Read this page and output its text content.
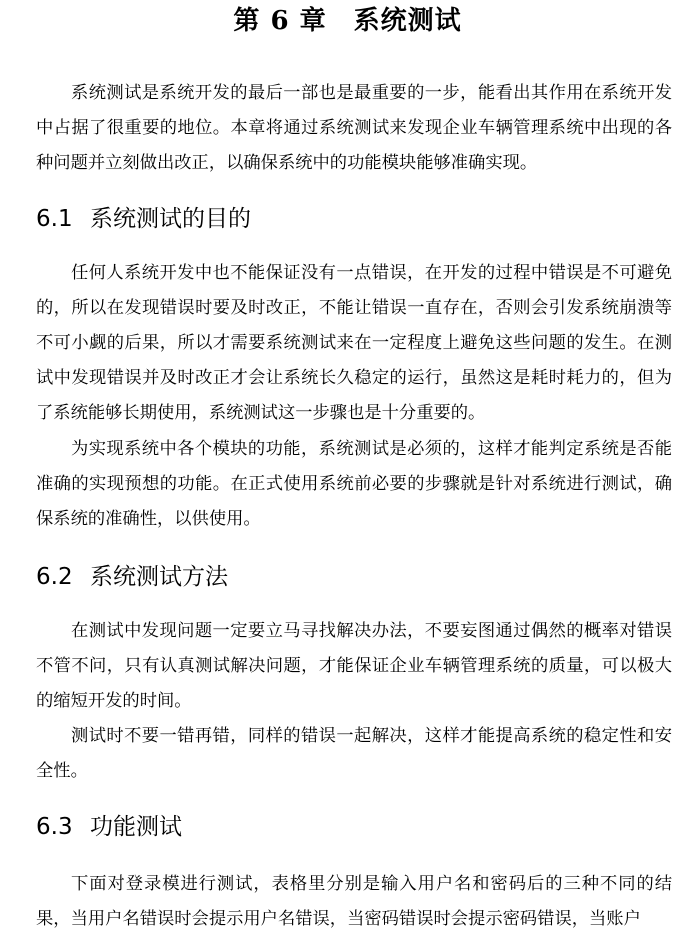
第 6 章　系统测试

系统测试是系统开发的最后一部也是最重要的一步，能看出其作用在系统开发中占据了很重要的地位。本章将通过系统测试来发现企业车辆管理系统中出现的各种问题并立刻做出改正，以确保系统中的功能模块能够准确实现。

6.1 系统测试的目的

任何人系统开发中也不能保证没有一点错误，在开发的过程中错误是不可避免的，所以在发现错误时要及时改正，不能让错误一直存在，否则会引发系统崩溃等不可小觑的后果，所以才需要系统测试来在一定程度上避免这些问题的发生。在测试中发现错误并及时改正才会让系统长久稳定的运行，虽然这是耗时耗力的，但为了系统能够长期使用，系统测试这一步骤也是十分重要的。

为实现系统中各个模块的功能，系统测试是必须的，这样才能判定系统是否能准确的实现预想的功能。在正式使用系统前必要的步骤就是针对系统进行测试，确保系统的准确性，以供使用。

6.2 系统测试方法

在测试中发现问题一定要立马寻找解决办法，不要妄图通过偶然的概率对错误不管不问，只有认真测试解决问题，才能保证企业车辆管理系统的质量，可以极大的缩短开发的时间。

测试时不要一错再错，同样的错误一起解决，这样才能提高系统的稳定性和安全性。

6.3 功能测试

下面对登录模进行测试，表格里分别是输入用户名和密码后的三种不同的结果，当用户名错误时会提示用户名错误，当密码错误时会提示密码错误，当账户
